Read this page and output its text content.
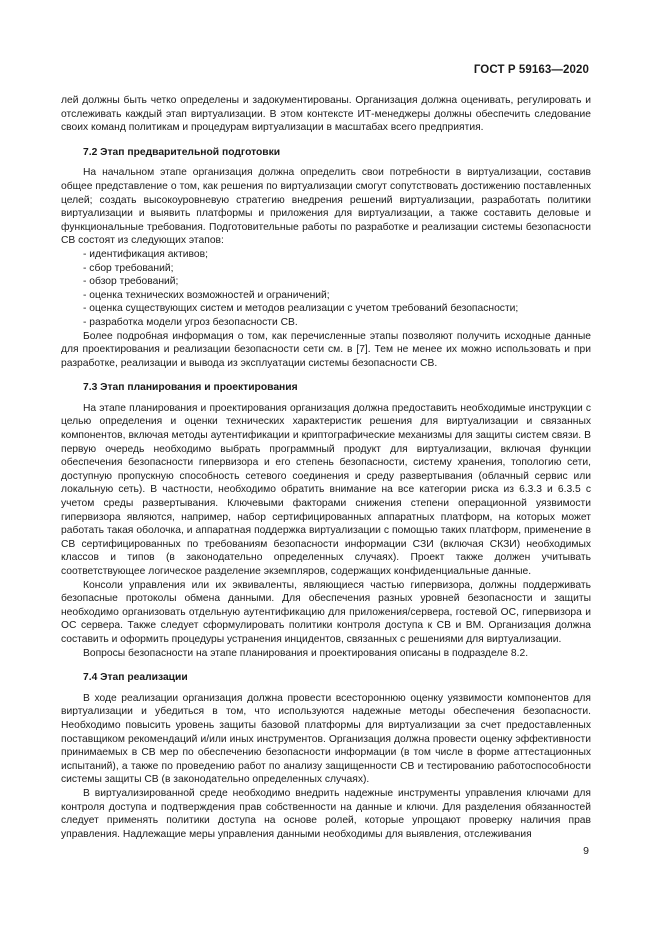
ГОСТ Р 59163—2020

лей должны быть четко определены и задокументированы. Организация должна оценивать, регулировать и отслеживать каждый этап виртуализации. В этом контексте ИТ-менеджеры должны обеспечить следование своих команд политикам и процедурам виртуализации в масштабах всего предприятия.

7.2 Этап предварительной подготовки

На начальном этапе организация должна определить свои потребности в виртуализации, составив общее представление о том, как решения по виртуализации смогут сопутствовать достижению поставленных целей; создать высокоуровневую стратегию внедрения решений виртуализации, разработать политики виртуализации и выявить платформы и приложения для виртуализации, а также составить деловые и функциональные требования. Подготовительные работы по разработке и реализации системы безопасности СВ состоят из следующих этапов:

- идентификация активов;
- сбор требований;
- обзор требований;
- оценка технических возможностей и ограничений;
- оценка существующих систем и методов реализации с учетом требований безопасности;
- разработка модели угроз безопасности СВ.

Более подробная информация о том, как перечисленные этапы позволяют получить исходные данные для проектирования и реализации безопасности сети см. в [7]. Тем не менее их можно использовать и при разработке, реализации и вывода из эксплуатации системы безопасности СВ.

7.3 Этап планирования и проектирования

На этапе планирования и проектирования организация должна предоставить необходимые инструкции с целью определения и оценки технических характеристик решения для виртуализации и связанных компонентов, включая методы аутентификации и криптографические механизмы для защиты систем связи. В первую очередь необходимо выбрать программный продукт для виртуализации, включая функции обеспечения безопасности гипервизора и его степень безопасности, систему хранения, топологию сети, доступную пропускную способность сетевого соединения и среду развертывания (облачный сервис или локальную сеть). В частности, необходимо обратить внимание на все категории риска из 6.3.3 и 6.3.5 с учетом среды развертывания. Ключевыми факторами снижения степени операционной уязвимости гипервизора являются, например, набор сертифицированных аппаратных платформ, на которых может работать такая оболочка, и аппаратная поддержка виртуализации с помощью таких платформ, применение в СВ сертифицированных по требованиям безопасности информации СЗИ (включая СКЗИ) необходимых классов и типов (в законодательно определенных случаях). Проект также должен учитывать соответствующее логическое разделение экземпляров, содержащих конфиденциальные данные.

Консоли управления или их эквиваленты, являющиеся частью гипервизора, должны поддерживать безопасные протоколы обмена данными. Для обеспечения разных уровней безопасности и защиты необходимо организовать отдельную аутентификацию для приложения/сервера, гостевой ОС, гипервизора и ОС сервера. Также следует сформулировать политики контроля доступа к СВ и ВМ. Организация должна составить и оформить процедуры устранения инцидентов, связанных с решениями для виртуализации.

Вопросы безопасности на этапе планирования и проектирования описаны в подразделе 8.2.

7.4 Этап реализации

В ходе реализации организация должна провести всестороннюю оценку уязвимости компонентов для виртуализации и убедиться в том, что используются надежные методы обеспечения безопасности. Необходимо повысить уровень защиты базовой платформы для виртуализации за счет предоставленных поставщиком рекомендаций и/или иных инструментов. Организация должна провести оценку эффективности принимаемых в СВ мер по обеспечению безопасности информации (в том числе в форме аттестационных испытаний), а также по проведению работ по анализу защищенности СВ и тестированию работоспособности системы защиты СВ (в законодательно определенных случаях).

В виртуализированной среде необходимо внедрить надежные инструменты управления ключами для контроля доступа и подтверждения прав собственности на данные и ключи. Для разделения обязанностей следует применять политики доступа на основе ролей, которые упрощают проверку наличия прав управления. Надлежащие меры управления данными необходимы для выявления, отслеживания

9
